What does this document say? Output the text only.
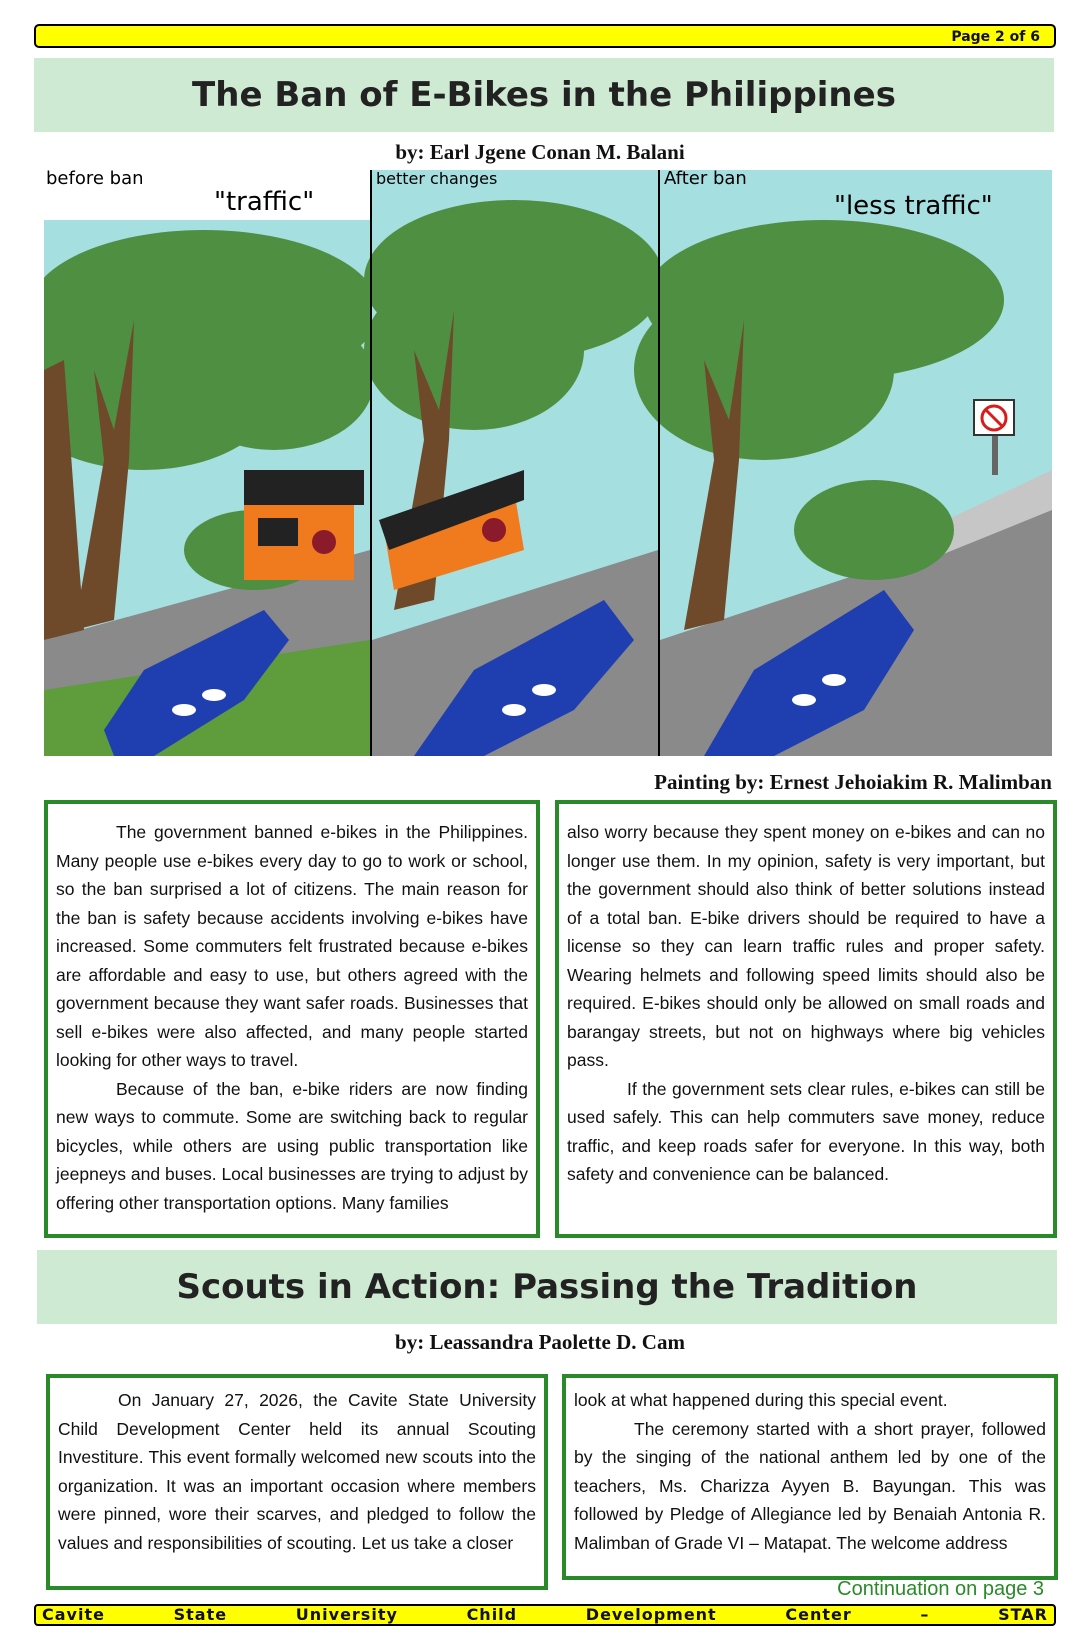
Page 2 of 6
The Ban of E-Bikes in the Philippines
by: Earl Jgene Conan M. Balani
before ban
"traffic"
better changes	After ban
"less traffic"
Painting by: Ernest Jehoiakim R. Malimban

The government banned e-bikes in the Philippines. Many people use e-bikes every day to go to work or school, so the ban surprised a lot of citizens. The main reason for the ban is safety because accidents involving e-bikes have increased. Some commuters felt frustrated because e-bikes are affordable and easy to use, but others agreed with the government because they want safer roads. Businesses that sell e-bikes were also affected, and many people started looking for other ways to travel.

Because of the ban, e-bike riders are now finding new ways to commute. Some are switching back to regular bicycles, while others are using public transportation like jeepneys and buses. Local businesses are trying to adjust by offering other transportation options. Many families

also worry because they spent money on e-bikes and can no longer use them. In my opinion, safety is very important, but the government should also think of better solutions instead of a total ban. E-bike drivers should be required to have a license so they can learn traffic rules and proper safety. Wearing helmets and following speed limits should also be required. E-bikes should only be allowed on small roads and barangay streets, but not on highways where big vehicles pass.

If the government sets clear rules, e-bikes can still be used safely. This can help commuters save money, reduce traffic, and keep roads safer for everyone. In this way, both safety and convenience can be balanced.

Scouts in Action: Passing the Tradition
by: Leassandra Paolette D. Cam

On January 27, 2026, the Cavite State University Child Development Center held its annual Scouting Investiture. This event formally welcomed new scouts into the organization. It was an important occasion where members were pinned, wore their scarves, and pledged to follow the values and responsibilities of scouting. Let us take a closer

look at what happened during this special event.

The ceremony started with a short prayer, followed by the singing of the national anthem led by one of the teachers, Ms. Charizza Ayyen B. Bayungan. This was followed by Pledge of Allegiance led by Benaiah Antonia R. Malimban of Grade VI – Matapat. The welcome address

Continuation on page 3
Cavite	State	University	Child	Development	Center	–	STAR
